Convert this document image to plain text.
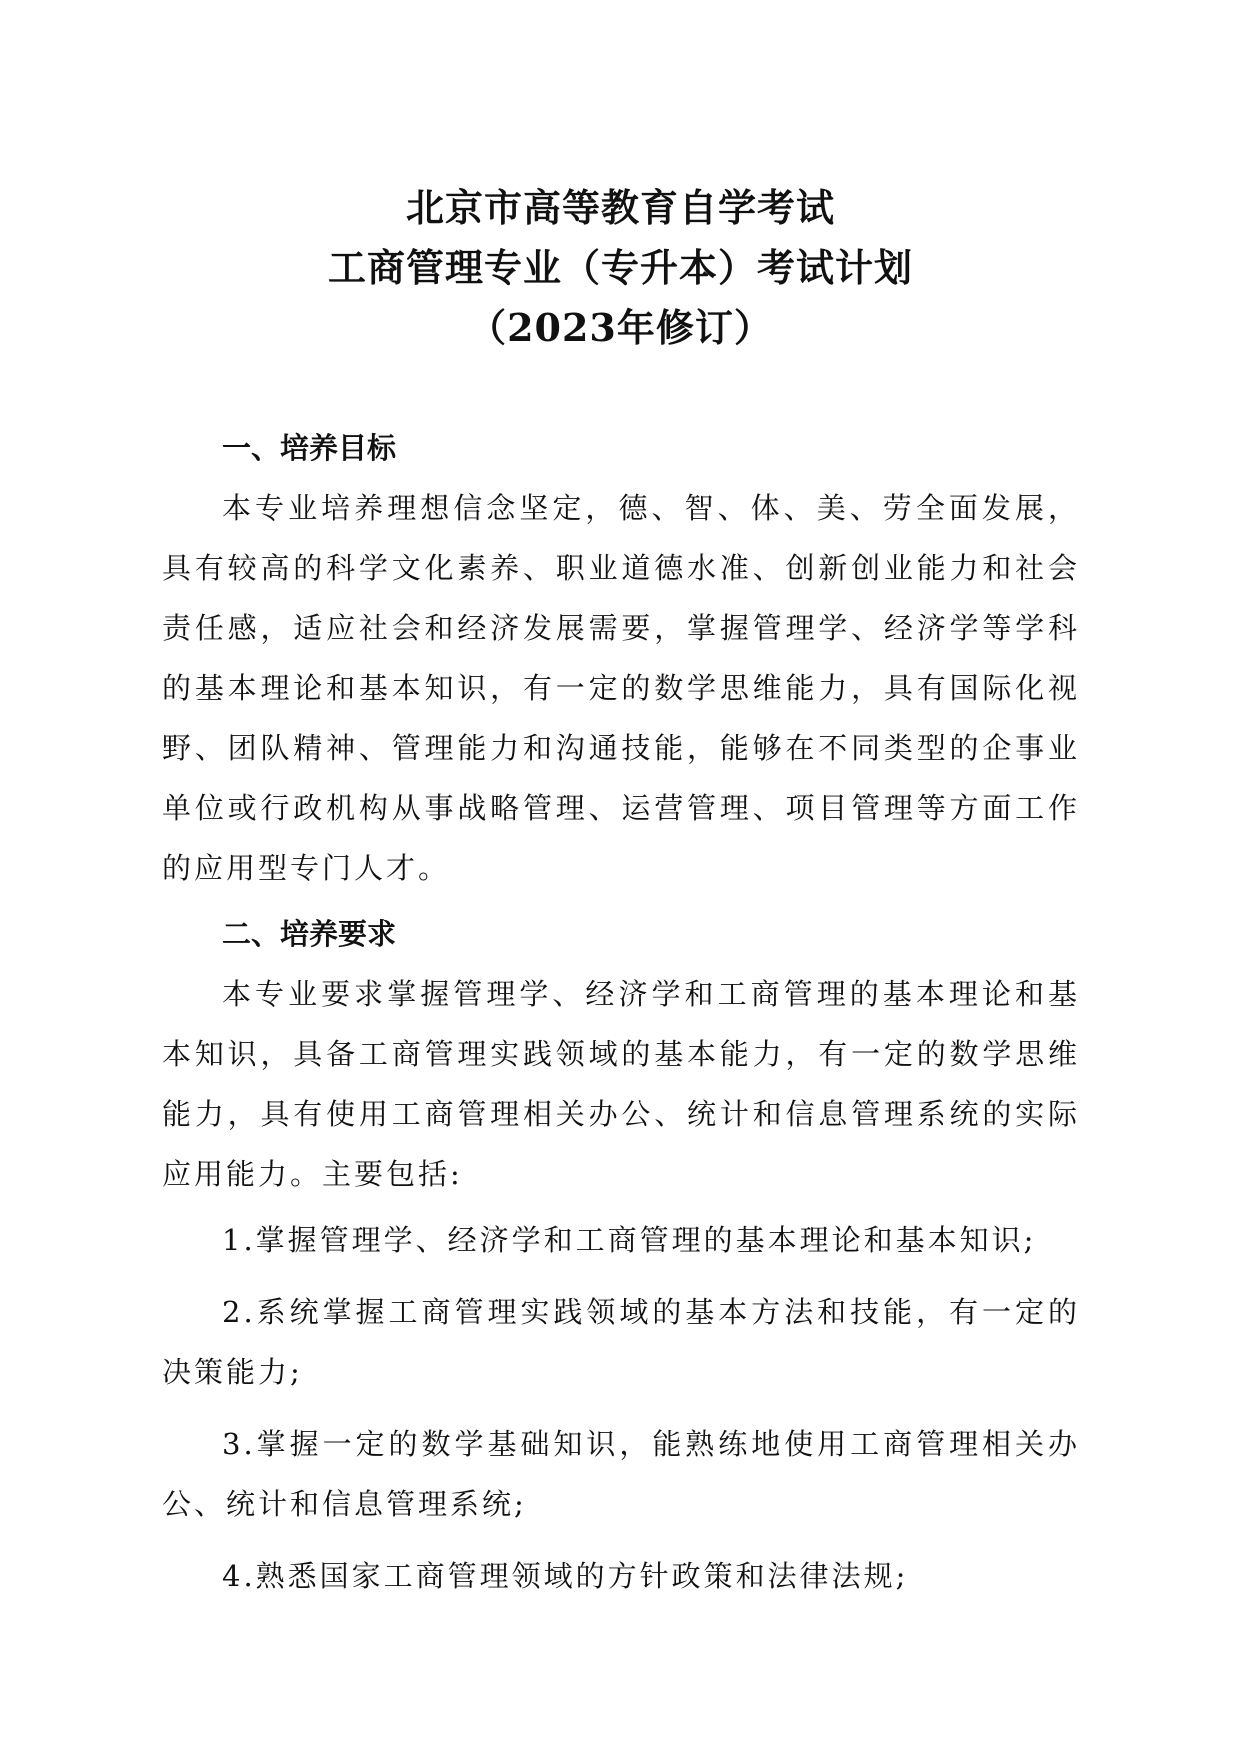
北京市高等教育自学考试
工商管理专业（专升本）考试计划
（2023年修订）
一、培养目标

本专业培养理想信念坚定，德、智、体、美、劳全面发展，具有较高的科学文化素养、职业道德水准、创新创业能力和社会责任感，适应社会和经济发展需要，掌握管理学、经济学等学科的基本理论和基本知识，有一定的数学思维能力，具有国际化视野、团队精神、管理能力和沟通技能，能够在不同类型的企事业单位或行政机构从事战略管理、运营管理、项目管理等方面工作的应用型专门人才。

二、培养要求

本专业要求掌握管理学、经济学和工商管理的基本理论和基本知识，具备工商管理实践领域的基本能力，有一定的数学思维能力，具有使用工商管理相关办公、统计和信息管理系统的实际应用能力。主要包括:

1.掌握管理学、经济学和工商管理的基本理论和基本知识;

2.系统掌握工商管理实践领域的基本方法和技能，有一定的决策能力;

3.掌握一定的数学基础知识，能熟练地使用工商管理相关办公、统计和信息管理系统;

4.熟悉国家工商管理领域的方针政策和法律法规;
